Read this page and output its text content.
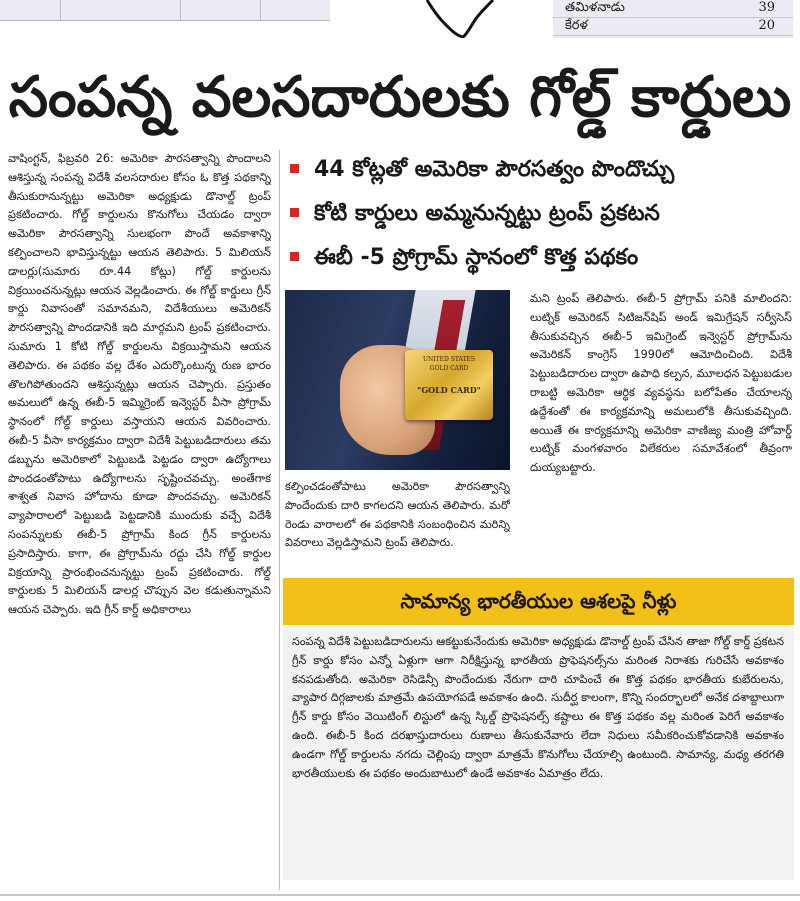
తమిళనాడు	39
కేరళ	20
సంపన్న వలసదారులకు గోల్డ్ కార్డులు
వాషింగ్టన్, ఫిబ్రవరి 26: అమెరికా పౌరసత్వాన్ని పొందాలని ఆశిస్తున్న సంపన్న విదేశీ వలసదారుల కోసం ఓ కొత్త పథకాన్ని తీసుకురానున్నట్టు అమెరికా అధ్యక్షుడు డొనాల్డ్ ట్రంప్ ప్రకటించారు. గోల్డ్ కార్డులను కొనుగోలు చేయడం ద్వారా అమెరికా పౌరసత్వాన్ని సులభంగా పొందే అవకాశాన్ని కల్పించాలని భావిస్తున్నట్టు ఆయన తెలిపారు. 5 మిలియన్ డాలర్లు(సుమారు రూ.44 కోట్లు) గోల్డ్ కార్డులను విక్రయించనున్నట్లు ఆయన వెల్లడించారు. ఈ గోల్డ్ కార్డులు గ్రీన్ కార్డు నివాసంతో సమానమని, విదేశీయులు అమెరికన్ పౌరసత్వాన్ని పొందడానికి ఇది మార్గమని ట్రంప్ ప్రకటించారు. సుమారు 1 కోటి గోల్డ్ కార్డులను విక్రయిస్తామని ఆయన తెలిపారు. ఈ పథకం వల్ల దేశం ఎదుర్కొంటున్న రుణ భారం తొలగిపోతుందని ఆశిస్తున్నట్లు ఆయన చెప్పారు. ప్రస్తుతం అమలులో ఉన్న ఈబీ-5 ఇమ్మిగ్రెంట్ ఇన్వెస్టర్ వీసా ప్రోగ్రామ్ స్థానంలో గోల్డ్ కార్డులు వస్తాయని ఆయన వివరించారు. ఈబీ-5 వీసా కార్యక్రమం ద్వారా విదేశీ పెట్టుబడిదారులు తమ డబ్బును అమెరికాలో పెట్టుబడి పెట్టడం ద్వారా ఉద్యోగాలు పొందడంతోపాటు ఉద్యోగాలను సృష్టించవచ్చు. అంతేగాక శాశ్వత నివాస హోదాను కూడా పొందవచ్చు. అమెరికన్ వ్యాపారాలలో పెట్టుబడి పెట్టడానికి ముందుకు వచ్చే విదేశీ సంపన్నులకు ఈబీ-5 ప్రోగ్రామ్ కింద గ్రీన్ కార్డులను ప్రసాదిస్తారు. కాగా, ఈ ప్రోగ్రామ్‌ను రద్దు చేసి గోల్డ్ కార్డుల విక్రయాన్ని ప్రారంభించనున్నట్టు ట్రంప్ ప్రకటించారు. గోల్డ్ కార్డులకు 5 మిలియన్ డాలర్ల చొప్పున వెల కడుతున్నామని ఆయన చెప్పారు. ఇది గ్రీన్ కార్డ్ అధికారాలు
44 కోట్లతో అమెరికా పౌరసత్వం పొందొచ్చు
కోటి కార్డులు అమ్మనున్నట్టు ట్రంప్ ప్రకటన
ఈబీ -5 ప్రోగ్రామ్ స్థానంలో కొత్త పథకం
UNITED STATES
GOLD CARD
"GOLD CARD"
కల్పించడంతోపాటు అమెరికా పౌరసత్వాన్ని పొందేందుకు దారి కాగలదని ఆయన తెలిపారు. మరో రెండు వారాలలో ఈ పథకానికి సంబంధించిన మరిన్ని వివరాలు వెల్లడిస్తామని ట్రంప్ తెలిపారు.
మని ట్రంప్ తెలిపారు. ఈబీ-5 ప్రోగ్రామ్ పనికి మాలిందని: లుట్నిక్ అమెరికన్ సిటిజన్‌షిప్ అండ్ ఇమిగ్రేషన్ సర్వీసెస్ తీసుకువచ్చిన ఈబీ-5 ఇమిగ్రెంట్ ఇన్వెస్టర్ ప్రోగ్రామ్‌ను అమెరికన్ కాంగ్రెస్ 1990లో ఆమోదించింది. విదేశీ పెట్టుబడిదారుల ద్వారా ఉపాధి కల్పన, మూలధన పెట్టుబడుల రాబట్టి అమెరికా ఆర్థిక వ్యవస్థను బలోపేతం చేయాలన్న ఉద్దేశంతో ఈ కార్యక్రమాన్ని అమలులోకి తీసుకువచ్చింది. అయితే ఈ కార్యక్రమాన్ని అమెరికా వాణిజ్య మంత్రి హోవార్డ్ లుట్నిక్ మంగళవారం విలేకరుల సమావేశంలో తీవ్రంగా దుయ్యబట్టారు.
సామాన్య భారతీయుల ఆశలపై నీళ్లు
సంపన్న విదేశీ పెట్టుబడిదారులను ఆకట్టుకునేందుకు అమెరికా అధ్యక్షుడు డొనాల్డ్ ట్రంప్ చేసిన తాజా గోల్డ్ కార్డ్ ప్రకటన గ్రీన్ కార్డు కోసం ఎన్నో ఏళ్లుగా ఆగా నిరీక్షిస్తున్న భారతీయ ప్రొఫెషనల్స్‌ను మరింత నిరాశకు గురిచేసే అవకాశం కనపడుతోంది. అమెరికా రెసిడెన్సీ పొందేందుకు నేరుగా దారి చూపించే ఈ కొత్త పథకం భారతీయ కుబేరులను, వ్యాపార దిగ్గజాలకు మాత్రమే ఉపయోగపడే అవకాశం ఉంది. సుదీర్ఘ కాలంగా, కొన్ని సందర్భాలలో అనేక దశాబ్దాలుగా గ్రీన్ కార్డు కోసం వెయిటింగ్ లిస్టులో ఉన్న స్కిల్డ్ ప్రొఫెషనల్స్ కష్టాలు ఈ కొత్త పథకం వల్ల మరింత పెరిగే అవకాశం ఉంది. ఈబీ-5 కింద దరఖాస్తుదారులు రుణాలు తీసుకునేవారు లేదా నిధులు సమీకరించుకోవడానికి అవకాశం ఉండగా గోల్డ్ కార్డులను నగదు చెల్లింపు ద్వారా మాత్రమే కొనుగోలు చేయాల్సి ఉంటుంది. సామాన్య, మధ్య తరగతి భారతీయులకు ఈ పథకం అందుబాటులో ఉండే అవకాశం ఏమాత్రం లేదు.
